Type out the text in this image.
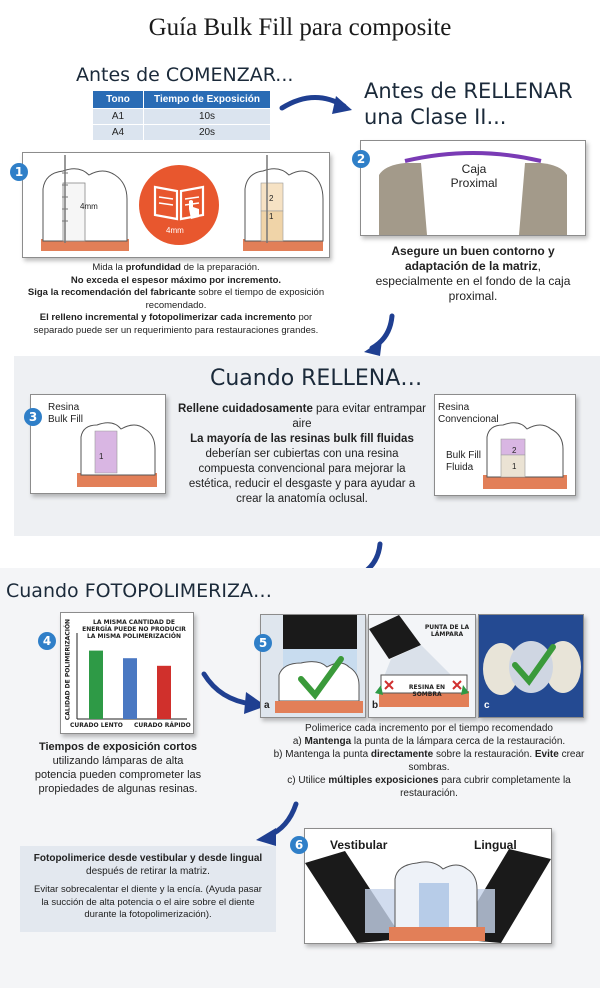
Guía Bulk Fill para composite
Antes de COMENZAR...
Tono	Tiempo de Exposición
A1	10s
A4	20s
Antes de RELLENAR
una Clase II...
1
4mm
4mm
2
1
Mida la profundidad de la preparación.
No exceda el espesor máximo por incremento.
Siga la recomendación del fabricante sobre el tiempo de exposición recomendado.
El relleno incremental y fotopolimerizar cada incremento por separado puede ser un requerimiento para restauraciones grandes.
2
Caja
Proximal
Asegure un buen contorno y adaptación de la matriz, especialmente en el fondo de la caja proximal.
Cuando RELLENA…
3
Resina
Bulk Fill
1
Rellene cuidadosamente para evitar entrampar aire
La mayoría de las resinas bulk fill fluidas deberían ser cubiertas con una resina compuesta convencional para mejorar la estética, reducir el desgaste y para ayudar a crear la anatomía oclusal.
Resina
Convencional
Bulk Fill
Fluida
2
1
Cuando FOTOPOLIMERIZA…
4
LA MISMA CANTIDAD DE
ENERGÍA PUEDE NO PRODUCIR
LA MISMA POLIMERIZACIÓN
CALIDAD DE POLIMERIZACIÓN
CURADO LENTO CURADO RÁPIDO
Tiempos de exposición cortos utilizando lámparas de alta potencia pueden comprometer las propiedades de algunas resinas.
5
a	b	c
PUNTA DE LA
LÁMPARA
RESINA EN
SOMBRA
Polimerice cada incremento por el tiempo recomendado
a) Mantenga la punta de la lámpara cerca de la restauración.
b) Mantenga la punta directamente sobre la restauración. Evite crear sombras.
c) Utilice múltiples exposiciones para cubrir completamente la restauración.
Fotopolimerice desde vestibular y desde lingual después de retirar la matriz.
Evitar sobrecalentar el diente y la encía. (Ayuda pasar la succión de alta potencia o el aire sobre el diente durante la fotopolimerización).
6	Vestibular	Lingual
